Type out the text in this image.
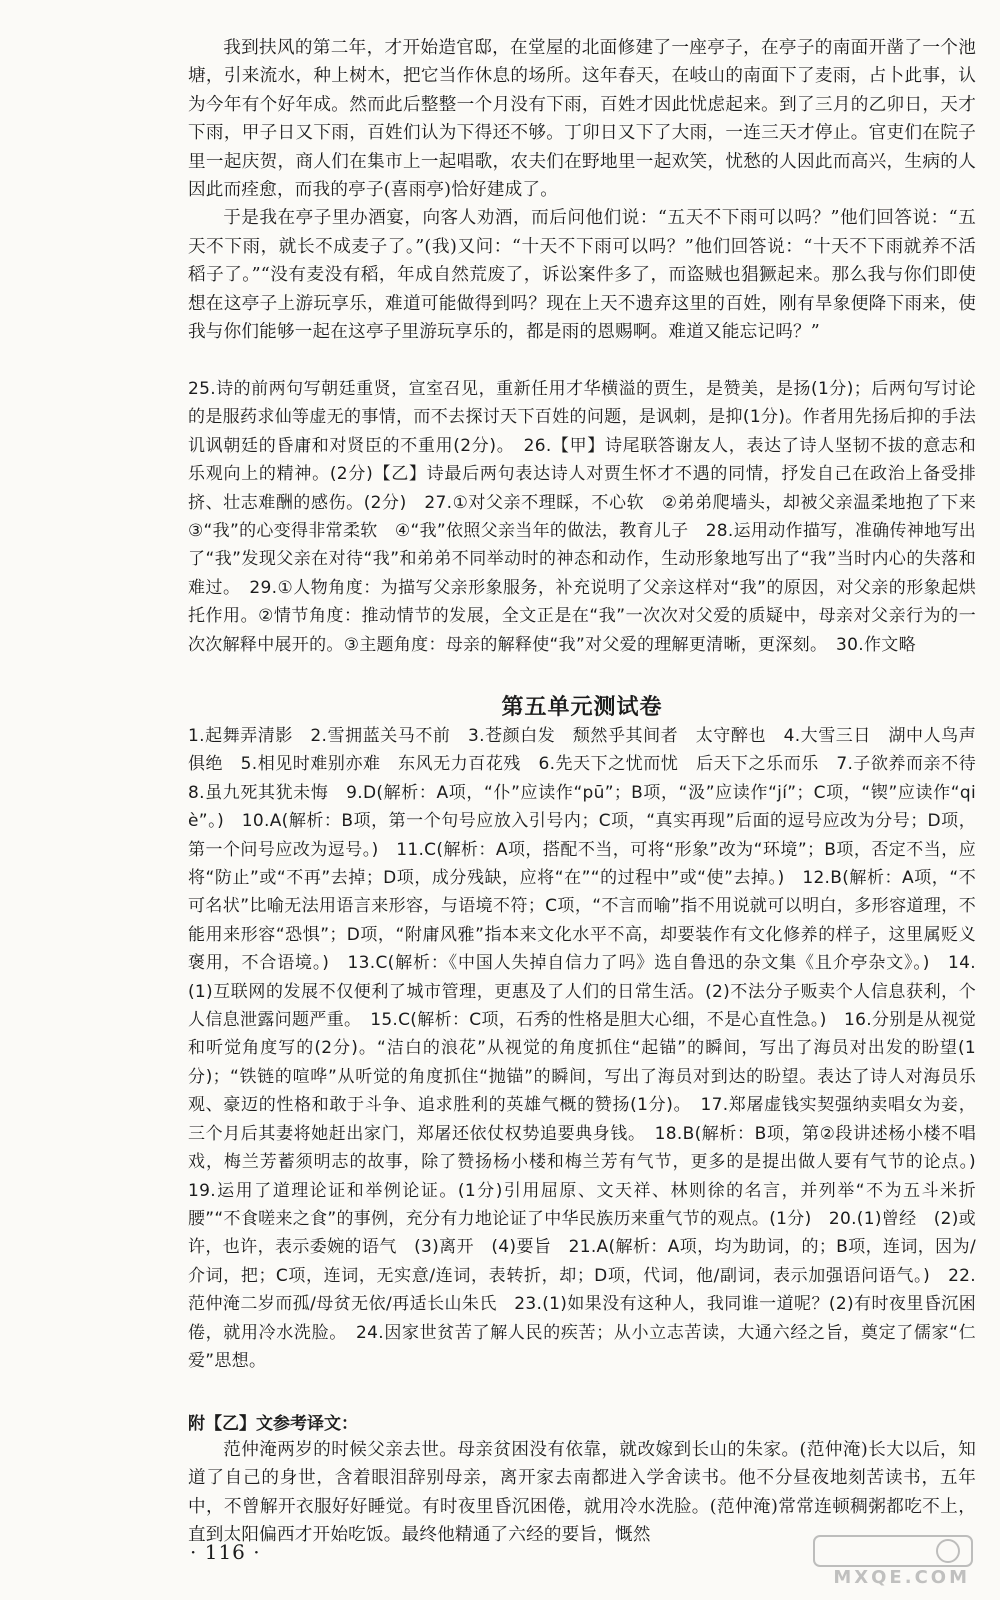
我到扶风的第二年，才开始造官邸，在堂屋的北面修建了一座亭子，在亭子的南面开凿了一个池塘，引来流水，种上树木，把它当作休息的场所。这年春天，在岐山的南面下了麦雨，占卜此事，认为今年有个好年成。然而此后整整一个月没有下雨，百姓才因此忧虑起来。到了三月的乙卯日，天才下雨，甲子日又下雨，百姓们认为下得还不够。丁卯日又下了大雨，一连三天才停止。官吏们在院子里一起庆贺，商人们在集市上一起唱歌，农夫们在野地里一起欢笑，忧愁的人因此而高兴，生病的人因此而痊愈，而我的亭子(喜雨亭)恰好建成了。

于是我在亭子里办酒宴，向客人劝酒，而后问他们说：“五天不下雨可以吗？”他们回答说：“五天不下雨，就长不成麦子了。”(我)又问：“十天不下雨可以吗？”他们回答说：“十天不下雨就养不活稻子了。”“没有麦没有稻，年成自然荒废了，诉讼案件多了，而盗贼也猖獗起来。那么我与你们即使想在这亭子上游玩享乐，难道可能做得到吗？现在上天不遗弃这里的百姓，刚有旱象便降下雨来，使我与你们能够一起在这亭子里游玩享乐的，都是雨的恩赐啊。难道又能忘记吗？”

25.诗的前两句写朝廷重贤，宣室召见，重新任用才华横溢的贾生，是赞美，是扬(1分)；后两句写讨论的是服药求仙等虚无的事情，而不去探讨天下百姓的问题，是讽刺，是抑(1分)。作者用先扬后抑的手法讥讽朝廷的昏庸和对贤臣的不重用(2分)。　26.【甲】诗尾联答谢友人，表达了诗人坚韧不拔的意志和乐观向上的精神。(2分)【乙】诗最后两句表达诗人对贾生怀才不遇的同情，抒发自己在政治上备受排挤、壮志难酬的感伤。(2分)　27.①对父亲不理睬，不心软　②弟弟爬墙头，却被父亲温柔地抱了下来　③“我”的心变得非常柔软　④“我”依照父亲当年的做法，教育儿子　28.运用动作描写，准确传神地写出了“我”发现父亲在对待“我”和弟弟不同举动时的神态和动作，生动形象地写出了“我”当时内心的失落和难过。　29.①人物角度：为描写父亲形象服务，补充说明了父亲这样对“我”的原因，对父亲的形象起烘托作用。②情节角度：推动情节的发展，全文正是在“我”一次次对父爱的质疑中，母亲对父亲行为的一次次解释中展开的。③主题角度：母亲的解释使“我”对父爱的理解更清晰，更深刻。　30.作文略

第五单元测试卷

1.起舞弄清影　2.雪拥蓝关马不前　3.苍颜白发　颓然乎其间者　太守醉也　4.大雪三日　湖中人鸟声俱绝　5.相见时难别亦难　东风无力百花残　6.先天下之忧而忧　后天下之乐而乐　7.子欲养而亲不待　8.虽九死其犹未悔　9.D(解析：A项，“仆”应读作“pū”；B项，“汲”应读作“jí”；C项，“锲”应读作“qiè”。)　10.A(解析：B项，第一个句号应放入引号内；C项，“真实再现”后面的逗号应改为分号；D项，第一个问号应改为逗号。)　11.C(解析：A项，搭配不当，可将“形象”改为“环境”；B项，否定不当，应将“防止”或“不再”去掉；D项，成分残缺，应将“在”“的过程中”或“使”去掉。)　12.B(解析：A项，“不可名状”比喻无法用语言来形容，与语境不符；C项，“不言而喻”指不用说就可以明白，多形容道理，不能用来形容“恐惧”；D项，“附庸风雅”指本来文化水平不高，却要装作有文化修养的样子，这里属贬义褒用，不合语境。)　13.C(解析：《中国人失掉自信力了吗》选自鲁迅的杂文集《且介亭杂文》。)　14.(1)互联网的发展不仅便利了城市管理，更惠及了人们的日常生活。(2)不法分子贩卖个人信息获利，个人信息泄露问题严重。　15.C(解析：C项，石秀的性格是胆大心细，不是心直性急。)　16.分别是从视觉和听觉角度写的(2分)。“洁白的浪花”从视觉的角度抓住“起锚”的瞬间，写出了海员对出发的盼望(1分)；“铁链的喧哗”从听觉的角度抓住“抛锚”的瞬间，写出了海员对到达的盼望。表达了诗人对海员乐观、豪迈的性格和敢于斗争、追求胜利的英雄气概的赞扬(1分)。　17.郑屠虚钱实契强纳卖唱女为妾，三个月后其妻将她赶出家门，郑屠还依仗权势追要典身钱。　18.B(解析：B项，第②段讲述杨小楼不唱戏，梅兰芳蓄须明志的故事，除了赞扬杨小楼和梅兰芳有气节，更多的是提出做人要有气节的论点。)　19.运用了道理论证和举例论证。(1分)引用屈原、文天祥、林则徐的名言，并列举“不为五斗米折腰”“不食嗟来之食”的事例，充分有力地论证了中华民族历来重气节的观点。(1分)　20.(1)曾经　(2)或许，也许，表示委婉的语气　(3)离开　(4)要旨　21.A(解析：A项，均为助词，的；B项，连词，因为/介词，把；C项，连词，无实意/连词，表转折，却；D项，代词，他/副词，表示加强语问语气。)　22.范仲淹二岁而孤/母贫无依/再适长山朱氏　23.(1)如果没有这种人，我同谁一道呢？(2)有时夜里昏沉困倦，就用冷水洗脸。　24.因家世贫苦了解人民的疾苦；从小立志苦读，大通六经之旨，奠定了儒家“仁爱”思想。

附【乙】文参考译文：

范仲淹两岁的时候父亲去世。母亲贫困没有依靠，就改嫁到长山的朱家。(范仲淹)长大以后，知道了自己的身世，含着眼泪辞别母亲，离开家去南都进入学舍读书。他不分昼夜地刻苦读书，五年中，不曾解开衣服好好睡觉。有时夜里昏沉困倦，就用冷水洗脸。(范仲淹)常常连顿稠粥都吃不上，直到太阳偏西才开始吃饭。最终他精通了六经的要旨，慨然

· 116 ·
MXQE.COM
